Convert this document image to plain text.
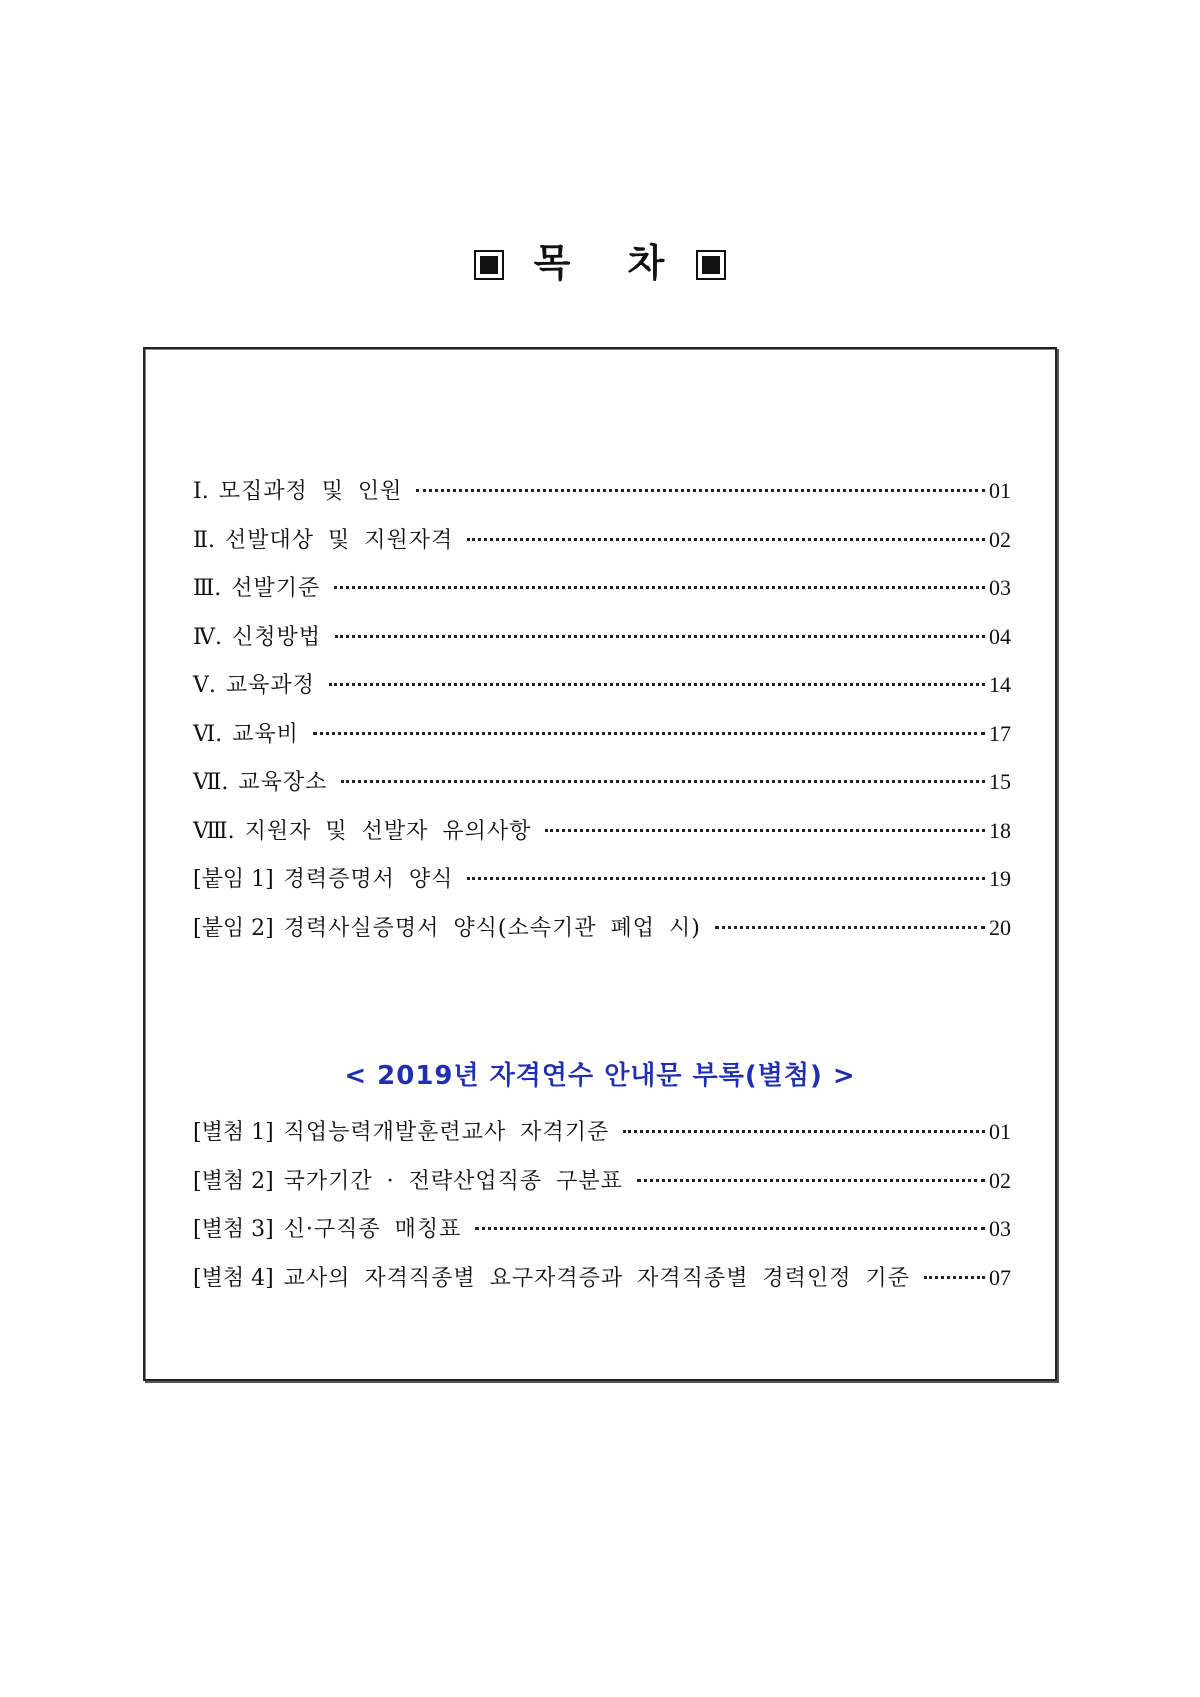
목 차
Ⅰ. 모집과정 및 인원	01
Ⅱ. 선발대상 및 지원자격	02
Ⅲ. 선발기준	03
Ⅳ. 신청방법	04
Ⅴ. 교육과정	14
Ⅵ. 교육비	17
Ⅶ. 교육장소	15
Ⅷ. 지원자 및 선발자 유의사항	18
[붙임 1] 경력증명서 양식	19
[붙임 2] 경력사실증명서 양식(소속기관 폐업 시)	20
< 2019년 자격연수 안내문 부록(별첨) >
[별첨 1] 직업능력개발훈련교사 자격기준	01
[별첨 2] 국가기간 · 전략산업직종 구분표	02
[별첨 3] 신·구직종 매칭표	03
[별첨 4] 교사의 자격직종별 요구자격증과 자격직종별 경력인정 기준	07
